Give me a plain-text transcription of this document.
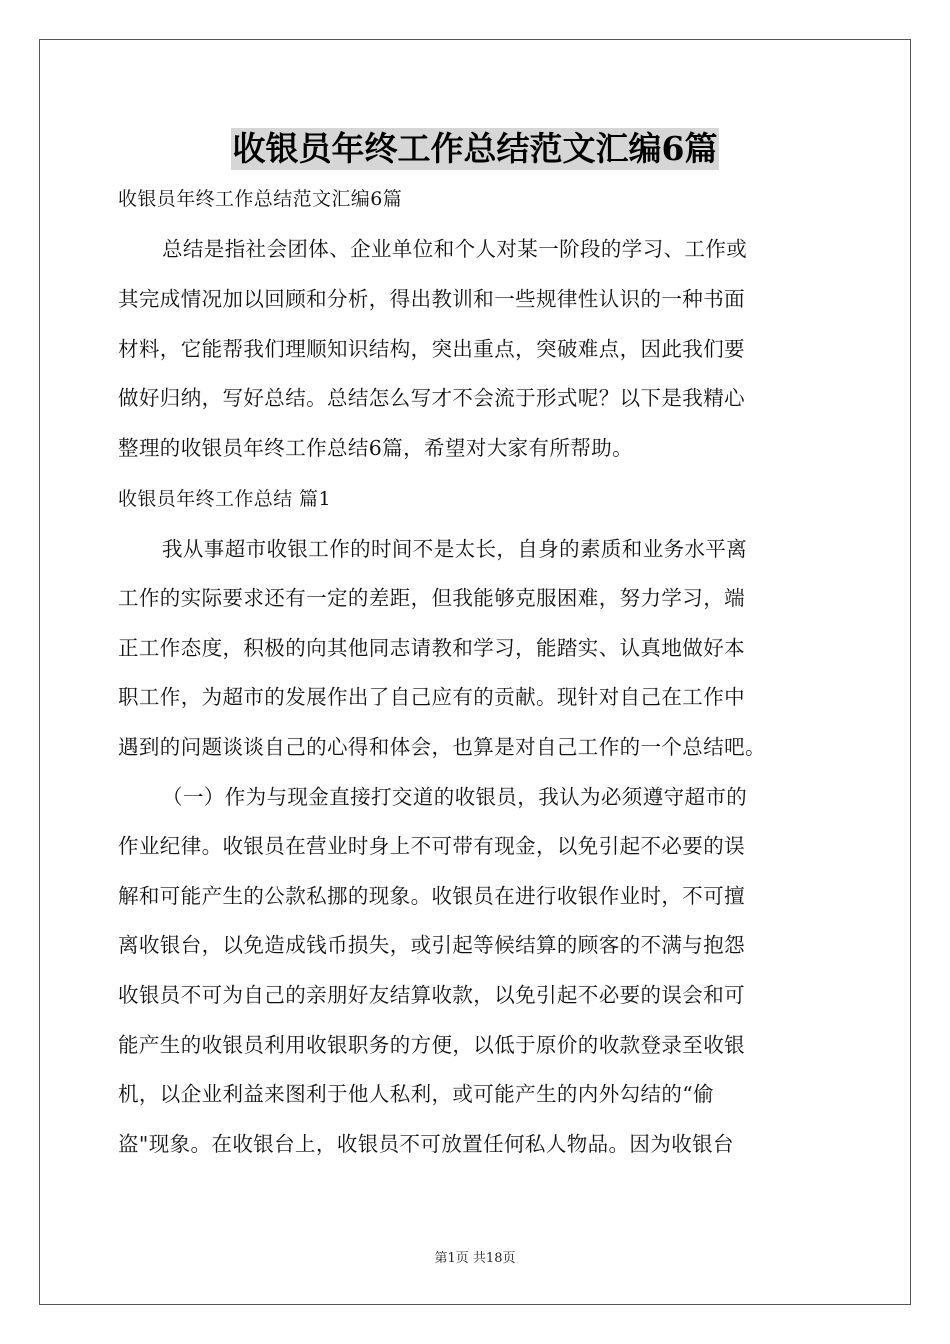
收银员年终工作总结范文汇编6篇
收银员年终工作总结范文汇编6篇
总结是指社会团体、企业单位和个人对某一阶段的学习、工作或
其完成情况加以回顾和分析，得出教训和一些规律性认识的一种书面
材料，它能帮我们理顺知识结构，突出重点，突破难点，因此我们要
做好归纳，写好总结。总结怎么写才不会流于形式呢？以下是我精心
整理的收银员年终工作总结6篇，希望对大家有所帮助。
收银员年终工作总结 篇1
我从事超市收银工作的时间不是太长，自身的素质和业务水平离
工作的实际要求还有一定的差距，但我能够克服困难，努力学习，端
正工作态度，积极的向其他同志请教和学习，能踏实、认真地做好本
职工作，为超市的发展作出了自己应有的贡献。现针对自己在工作中
遇到的问题谈谈自己的心得和体会，也算是对自己工作的一个总结吧。
（一）作为与现金直接打交道的收银员，我认为必须遵守超市的
作业纪律。收银员在营业时身上不可带有现金，以免引起不必要的误
解和可能产生的公款私挪的现象。收银员在进行收银作业时，不可擅
离收银台，以免造成钱币损失，或引起等候结算的顾客的不满与抱怨
收银员不可为自己的亲朋好友结算收款，以免引起不必要的误会和可
能产生的收银员利用收银职务的方便，以低于原价的收款登录至收银
机，以企业利益来图利于他人私利，或可能产生的内外勾结的“偷
盗"现象。在收银台上，收银员不可放置任何私人物品。因为收银台
第1页 共18页
